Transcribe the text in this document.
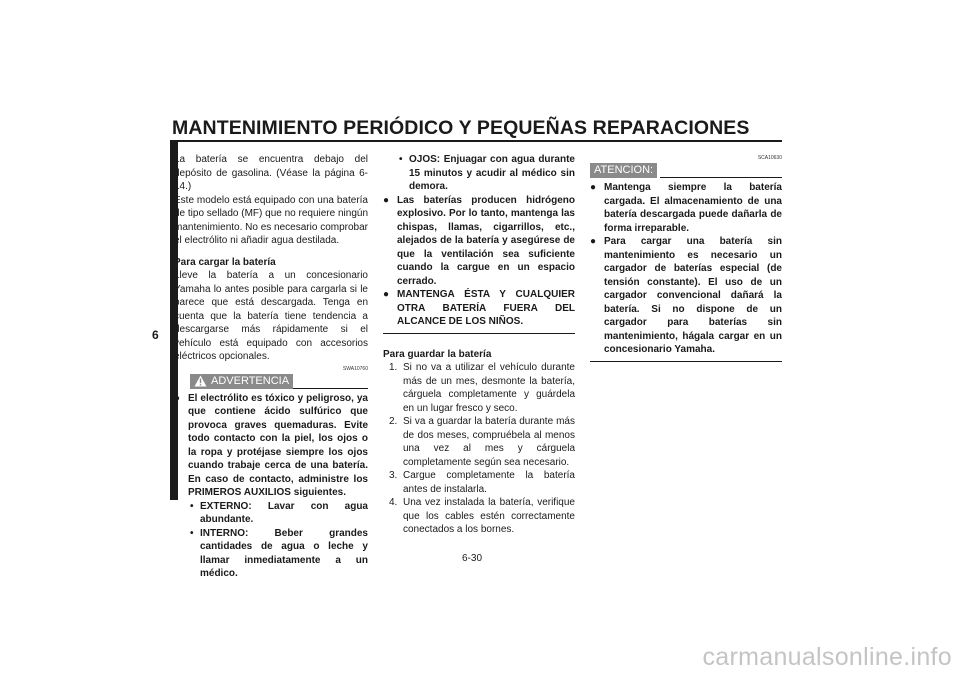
MANTENIMIENTO PERIÓDICO Y PEQUEÑAS REPARACIONES
6

La batería se encuentra debajo del depósito de gasolina. (Véase la página 6-14.)

Este modelo está equipado con una batería de tipo sellado (MF) que no requiere ningún mantenimiento. No es necesario comprobar el electrólito ni añadir agua destilada.

Para cargar la batería

Lleve la batería a un concesionario Yamaha lo antes posible para cargarla si le parece que está descargada. Tenga en cuenta que la batería tiene tendencia a descargarse más rápidamente si el vehículo está equipado con accesorios eléctricos opcionales.

SWA10760
ADVERTENCIA
● El electrólito es tóxico y peligroso, ya que contiene ácido sulfúrico que provoca graves quemaduras. Evite todo contacto con la piel, los ojos o la ropa y protéjase siempre los ojos cuando trabaje cerca de una batería. En caso de contacto, administre los PRIMEROS AUXILIOS siguientes.
• EXTERNO: Lavar con agua abundante.
• INTERNO: Beber grandes cantidades de agua o leche y llamar inmediatamente a un médico.
• OJOS: Enjuagar con agua durante 15 minutos y acudir al médico sin demora.
● Las baterías producen hidrógeno explosivo. Por lo tanto, mantenga las chispas, llamas, cigarrillos, etc., alejados de la batería y asegúrese de que la ventilación sea suficiente cuando la cargue en un espacio cerrado.
● MANTENGA ÉSTA Y CUALQUIER OTRA BATERÍA FUERA DEL ALCANCE DE LOS NIÑOS.

Para guardar la batería

1. Si no va a utilizar el vehículo durante más de un mes, desmonte la batería, cárguela completamente y guárdela en un lugar fresco y seco.
2. Si va a guardar la batería durante más de dos meses, compruébela al menos una vez al mes y cárguela completamente según sea necesario.
3. Cargue completamente la batería antes de instalarla.
4. Una vez instalada la batería, verifique que los cables estén correctamente conectados a los bornes.
SCA10630
ATENCION:
● Mantenga siempre la batería cargada. El almacenamiento de una batería descargada puede dañarla de forma irreparable.
● Para cargar una batería sin mantenimiento es necesario un cargador de baterías especial (de tensión constante). El uso de un cargador convencional dañará la batería. Si no dispone de un cargador para baterías sin mantenimiento, hágala cargar en un concesionario Yamaha.
6-30
carmanualsonline.info
